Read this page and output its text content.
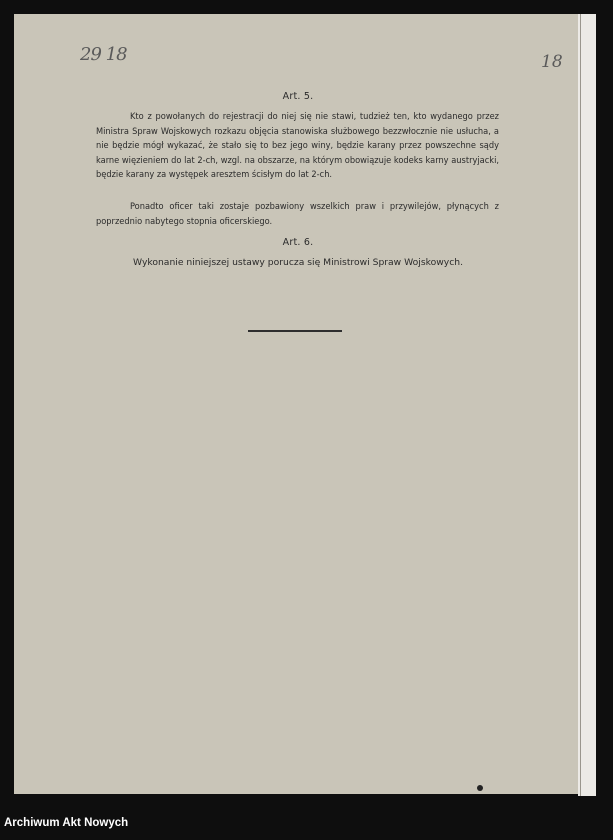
29 18	18
Art. 5.
Kto z powołanych do rejestracji do niej się nie stawi, tudzież ten, kto wydanego przez Ministra Spraw Wojskowych rozkazu objęcia stanowiska służbowego bezzwłocznie nie usłucha, a nie będzie mógł wykazać, że stało się to bez jego winy, będzie karany przez powszechne sądy karne więzieniem do lat 2-ch, wzgl. na obszarze, na którym obowiązuje kodeks karny austryjacki, będzie karany za występek aresztem ścisłym do lat 2-ch.
Ponadto oficer taki zostaje pozbawiony wszelkich praw i przywilejów, płynących z poprzednio nabytego stopnia oficerskiego.
Art. 6.
Wykonanie niniejszej ustawy porucza się Ministrowi Spraw Wojskowych.
Archiwum Akt Nowych
